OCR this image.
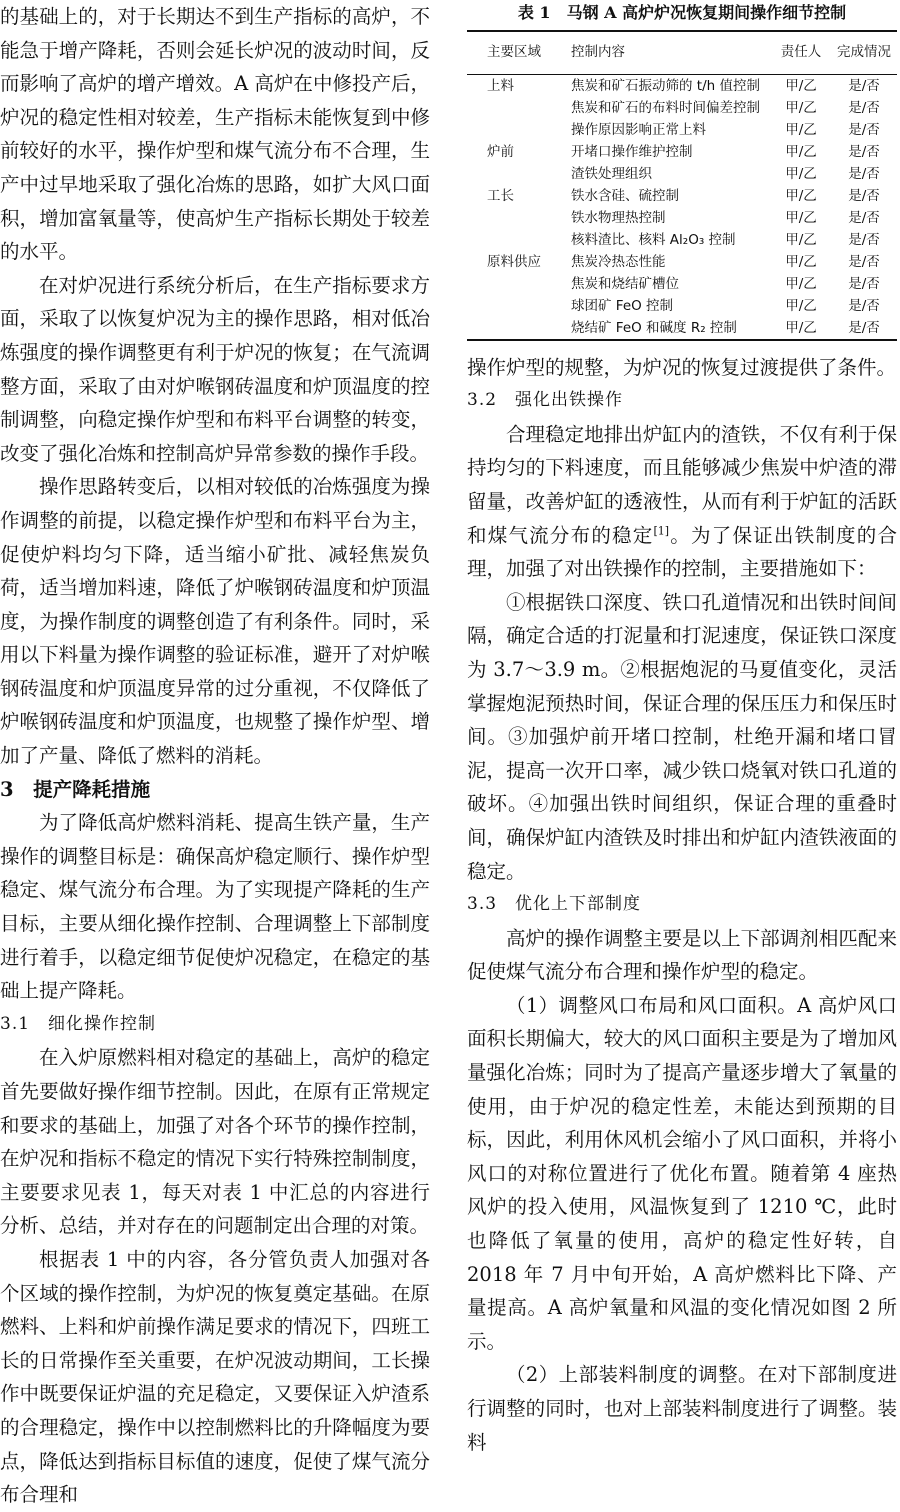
的基础上的，对于长期达不到生产指标的高炉，不能急于增产降耗，否则会延长炉况的波动时间，反而影响了高炉的增产增效。A 高炉在中修投产后，炉况的稳定性相对较差，生产指标未能恢复到中修前较好的水平，操作炉型和煤气流分布不合理，生产中过早地采取了强化冶炼的思路，如扩大风口面积，增加富氧量等，使高炉生产指标长期处于较差的水平。

在对炉况进行系统分析后，在生产指标要求方面，采取了以恢复炉况为主的操作思路，相对低冶炼强度的操作调整更有利于炉况的恢复；在气流调整方面，采取了由对炉喉钢砖温度和炉顶温度的控制调整，向稳定操作炉型和布料平台调整的转变，改变了强化冶炼和控制高炉异常参数的操作手段。

操作思路转变后，以相对较低的冶炼强度为操作调整的前提，以稳定操作炉型和布料平台为主，促使炉料均匀下降，适当缩小矿批、减轻焦炭负荷，适当增加料速，降低了炉喉钢砖温度和炉顶温度，为操作制度的调整创造了有利条件。同时，采用以下料量为操作调整的验证标准，避开了对炉喉钢砖温度和炉顶温度异常的过分重视，不仅降低了炉喉钢砖温度和炉顶温度，也规整了操作炉型、增加了产量、降低了燃料的消耗。

3　提产降耗措施

为了降低高炉燃料消耗、提高生铁产量，生产操作的调整目标是：确保高炉稳定顺行、操作炉型稳定、煤气流分布合理。为了实现提产降耗的生产目标，主要从细化操作控制、合理调整上下部制度进行着手，以稳定细节促使炉况稳定，在稳定的基础上提产降耗。

3.1　细化操作控制

在入炉原燃料相对稳定的基础上，高炉的稳定首先要做好操作细节控制。因此，在原有正常规定和要求的基础上，加强了对各个环节的操作控制，在炉况和指标不稳定的情况下实行特殊控制制度，主要要求见表 1，每天对表 1 中汇总的内容进行分析、总结，并对存在的问题制定出合理的对策。

根据表 1 中的内容，各分管负责人加强对各个区域的操作控制，为炉况的恢复奠定基础。在原燃料、上料和炉前操作满足要求的情况下，四班工长的日常操作至关重要，在炉况波动期间，工长操作中既要保证炉温的充足稳定，又要保证入炉渣系的合理稳定，操作中以控制燃料比的升降幅度为要点，降低达到指标目标值的速度，促使了煤气流分布合理和

表 1　马钢 A 高炉炉况恢复期间操作细节控制
主要区域	控制内容	责任人	完成情况
上料	焦炭和矿石振动筛的 t/h 值控制	甲/乙	是/否
	焦炭和矿石的布料时间偏差控制	甲/乙	是/否
	操作原因影响正常上料	甲/乙	是/否
炉前	开堵口操作维护控制	甲/乙	是/否
	渣铁处理组织	甲/乙	是/否
工长	铁水含硅、硫控制	甲/乙	是/否
	铁水物理热控制	甲/乙	是/否
	核料渣比、核料 Al₂O₃ 控制	甲/乙	是/否
原料供应	焦炭冷热态性能	甲/乙	是/否
	焦炭和烧结矿槽位	甲/乙	是/否
	球团矿 FeO 控制	甲/乙	是/否
	烧结矿 FeO 和碱度 R₂ 控制	甲/乙	是/否

操作炉型的规整，为炉况的恢复过渡提供了条件。

3.2　强化出铁操作

合理稳定地排出炉缸内的渣铁，不仅有利于保持均匀的下料速度，而且能够减少焦炭中炉渣的滞留量，改善炉缸的透液性，从而有利于炉缸的活跃和煤气流分布的稳定[1]。为了保证出铁制度的合理，加强了对出铁操作的控制，主要措施如下：

①根据铁口深度、铁口孔道情况和出铁时间间隔，确定合适的打泥量和打泥速度，保证铁口深度为 3.7～3.9 m。②根据炮泥的马夏值变化，灵活掌握炮泥预热时间，保证合理的保压压力和保压时间。③加强炉前开堵口控制，杜绝开漏和堵口冒泥，提高一次开口率，减少铁口烧氧对铁口孔道的破坏。④加强出铁时间组织，保证合理的重叠时间，确保炉缸内渣铁及时排出和炉缸内渣铁液面的稳定。

3.3　优化上下部制度

高炉的操作调整主要是以上下部调剂相匹配来促使煤气流分布合理和操作炉型的稳定。

（1）调整风口布局和风口面积。A 高炉风口面积长期偏大，较大的风口面积主要是为了增加风量强化冶炼；同时为了提高产量逐步增大了氧量的使用，由于炉况的稳定性差，未能达到预期的目标，因此，利用休风机会缩小了风口面积，并将小风口的对称位置进行了优化布置。随着第 4 座热风炉的投入使用，风温恢复到了 1210 ℃，此时也降低了氧量的使用，高炉的稳定性好转，自 2018 年 7 月中旬开始，A 高炉燃料比下降、产量提高。A 高炉氧量和风温的变化情况如图 2 所示。

（2）上部装料制度的调整。在对下部制度进行调整的同时，也对上部装料制度进行了调整。装料
